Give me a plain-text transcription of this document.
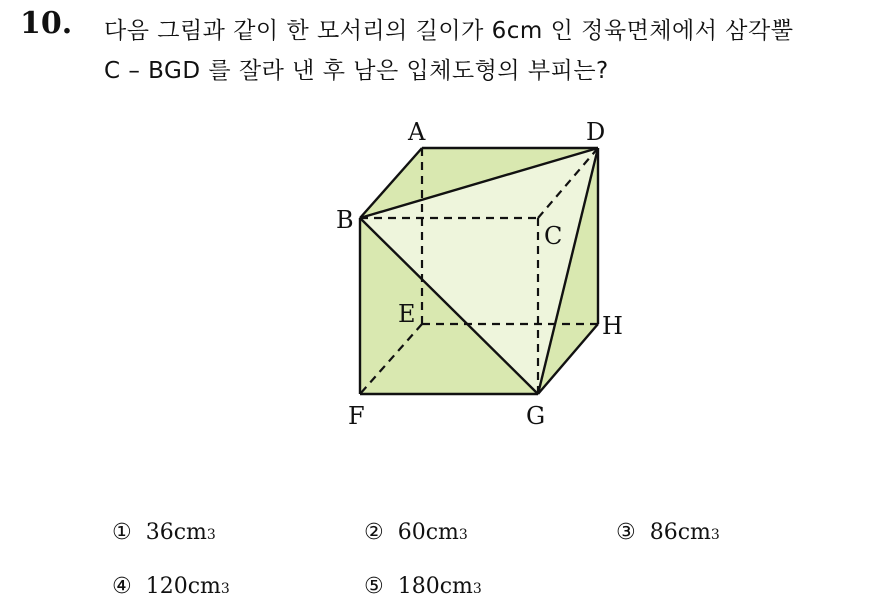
10. 다음 그림과 같이 한 모서리의 길이가 6cm 인 정육면체에서 삼각뿔
C – BGD 를 잘라 낸 후 남은 입체도형의 부피는?
A	D
B
C
E	H
F	G
① 36cm 3	② 60cm 3	③ 86cm 3
④ 120cm 3	⑤ 180cm 3
